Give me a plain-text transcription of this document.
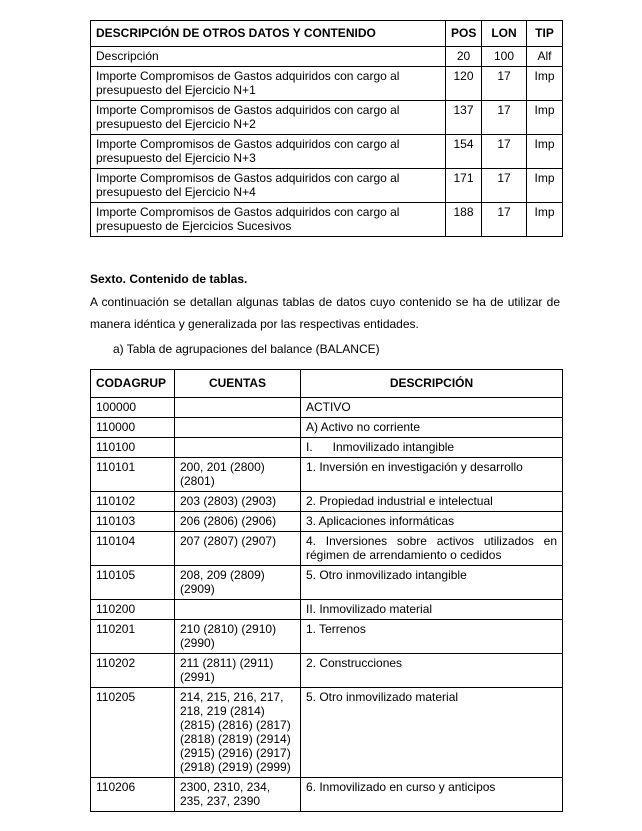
DESCRIPCIÓN DE OTROS DATOS Y CONTENIDO	POS	LON	TIP
Descripción	20	100	Alf
Importe Compromisos de Gastos adquiridos con cargo al presupuesto del Ejercicio N+1	120	17	Imp
Importe Compromisos de Gastos adquiridos con cargo al presupuesto del Ejercicio N+2	137	17	Imp
Importe Compromisos de Gastos adquiridos con cargo al presupuesto del Ejercicio N+3	154	17	Imp
Importe Compromisos de Gastos adquiridos con cargo al presupuesto del Ejercicio N+4	171	17	Imp
Importe Compromisos de Gastos adquiridos con cargo al presupuesto de Ejercicios Sucesivos	188	17	Imp
Sexto. Contenido de tablas.
A continuación se detallan algunas tablas de datos cuyo contenido se ha de utilizar de manera idéntica y generalizada por las respectivas entidades.
a) Tabla de agrupaciones del balance (BALANCE)
CODAGRUP	CUENTAS	DESCRIPCIÓN
100000		ACTIVO
110000		A) Activo no corriente
110100		I.      Inmovilizado intangible
110101	200, 201 (2800) (2801)	1. Inversión en investigación y desarrollo
110102	203 (2803) (2903)	2. Propiedad industrial e intelectual
110103	206 (2806) (2906)	3. Aplicaciones informáticas
110104	207 (2807) (2907)	4. Inversiones sobre activos utilizados en régimen de arrendamiento o cedidos
110105	208, 209 (2809) (2909)	5. Otro inmovilizado intangible
110200		II. Inmovilizado material
110201	210 (2810) (2910) (2990)	1. Terrenos
110202	211 (2811) (2911) (2991)	2. Construcciones
110205	214, 215, 216, 217, 218, 219 (2814) (2815) (2816) (2817) (2818) (2819) (2914) (2915) (2916) (2917) (2918) (2919) (2999)	5. Otro inmovilizado material
110206	2300, 2310, 234, 235, 237, 2390	6. Inmovilizado en curso y anticipos
